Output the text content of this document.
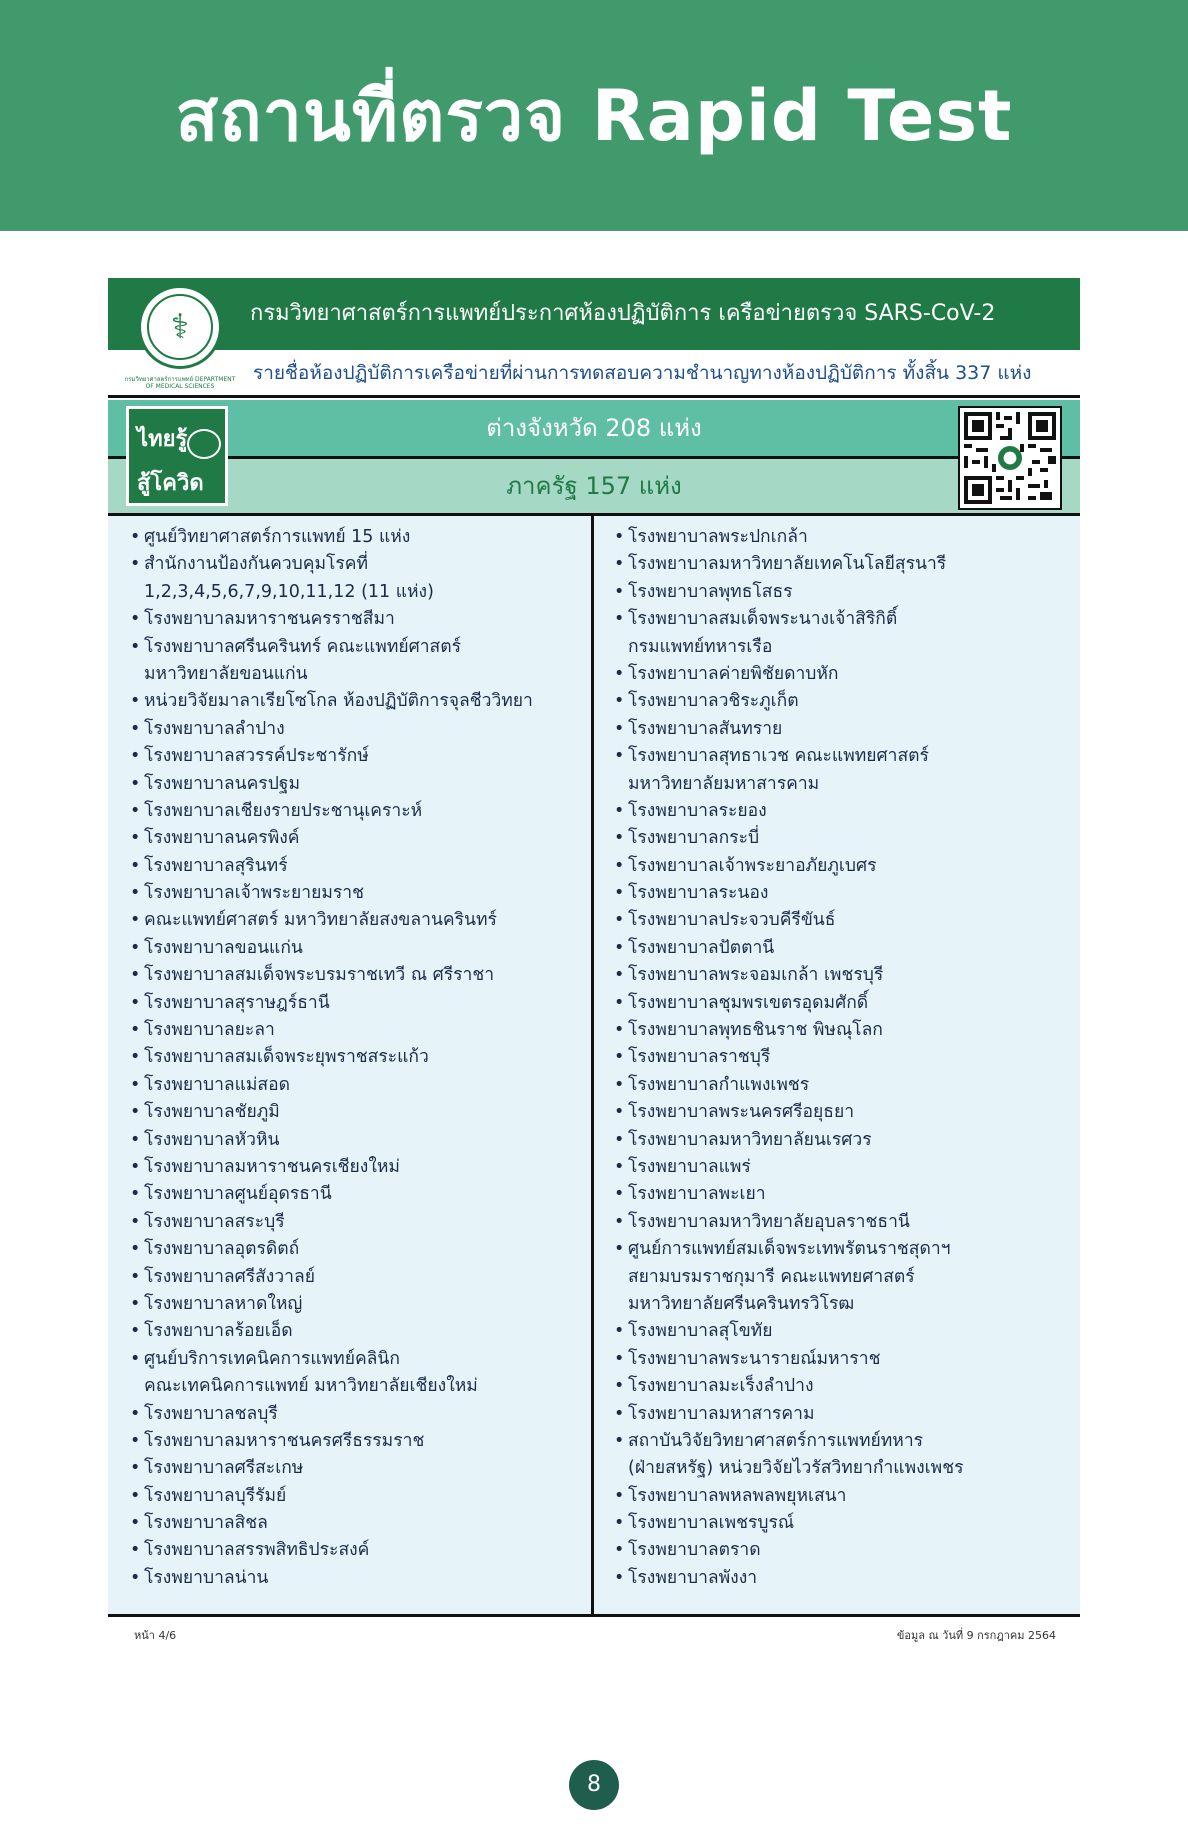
สถานที่ตรวจ Rapid Test
กรมวิทยาศาสตร์การแพทย์ประกาศห้องปฏิบัติการ เครือข่ายตรวจ SARS-CoV-2
⚕
กรมวิทยาศาสตร์การแพทย์ DEPARTMENT OF MEDICAL SCIENCES
รายชื่อห้องปฏิบัติการเครือข่ายที่ผ่านการทดสอบความชำนาญทางห้องปฏิบัติการ ทั้งสิ้น 337 แห่ง
ต่างจังหวัด 208 แห่ง
ภาครัฐ 157 แห่ง
ไทยรู้
สู้โควิด
• ศูนย์วิทยาศาสตร์การแพทย์ 15 แห่ง
• สำนักงานป้องกันควบคุมโรคที่
1,2,3,4,5,6,7,9,10,11,12 (11 แห่ง)
• โรงพยาบาลมหาราชนครราชสีมา
• โรงพยาบาลศรีนครินทร์ คณะแพทย์ศาสตร์
มหาวิทยาลัยขอนแก่น
• หน่วยวิจัยมาลาเรียโซโกล ห้องปฏิบัติการจุลชีววิทยา
• โรงพยาบาลลำปาง
• โรงพยาบาลสวรรค์ประชารักษ์
• โรงพยาบาลนครปฐม
• โรงพยาบาลเชียงรายประชานุเคราะห์
• โรงพยาบาลนครพิงค์
• โรงพยาบาลสุรินทร์
• โรงพยาบาลเจ้าพระยายมราช
• คณะแพทย์ศาสตร์ มหาวิทยาลัยสงขลานครินทร์
• โรงพยาบาลขอนแก่น
• โรงพยาบาลสมเด็จพระบรมราชเทวี ณ ศรีราชา
• โรงพยาบาลสุราษฎร์ธานี
• โรงพยาบาลยะลา
• โรงพยาบาลสมเด็จพระยุพราชสระแก้ว
• โรงพยาบาลแม่สอด
• โรงพยาบาลชัยภูมิ
• โรงพยาบาลหัวหิน
• โรงพยาบาลมหาราชนครเชียงใหม่
• โรงพยาบาลศูนย์อุดรธานี
• โรงพยาบาลสระบุรี
• โรงพยาบาลอุตรดิตถ์
• โรงพยาบาลศรีสังวาลย์
• โรงพยาบาลหาดใหญ่
• โรงพยาบาลร้อยเอ็ด
• ศูนย์บริการเทคนิคการแพทย์คลินิก
คณะเทคนิคการแพทย์ มหาวิทยาลัยเชียงใหม่
• โรงพยาบาลชลบุรี
• โรงพยาบาลมหาราชนครศรีธรรมราช
• โรงพยาบาลศรีสะเกษ
• โรงพยาบาลบุรีรัมย์
• โรงพยาบาลสิชล
• โรงพยาบาลสรรพสิทธิประสงค์
• โรงพยาบาลน่าน
• โรงพยาบาลพระปกเกล้า
• โรงพยาบาลมหาวิทยาลัยเทคโนโลยีสุรนารี
• โรงพยาบาลพุทธโสธร
• โรงพยาบาลสมเด็จพระนางเจ้าสิริกิติ์
กรมแพทย์ทหารเรือ
• โรงพยาบาลค่ายพิชัยดาบหัก
• โรงพยาบาลวชิระภูเก็ต
• โรงพยาบาลสันทราย
• โรงพยาบาลสุทธาเวช คณะแพทยศาสตร์
มหาวิทยาลัยมหาสารคาม
• โรงพยาบาลระยอง
• โรงพยาบาลกระบี่
• โรงพยาบาลเจ้าพระยาอภัยภูเบศร
• โรงพยาบาลระนอง
• โรงพยาบาลประจวบคีรีขันธ์
• โรงพยาบาลปัตตานี
• โรงพยาบาลพระจอมเกล้า เพชรบุรี
• โรงพยาบาลชุมพรเขตรอุดมศักดิ์
• โรงพยาบาลพุทธชินราช พิษณุโลก
• โรงพยาบาลราชบุรี
• โรงพยาบาลกำแพงเพชร
• โรงพยาบาลพระนครศรีอยุธยา
• โรงพยาบาลมหาวิทยาลัยนเรศวร
• โรงพยาบาลแพร่
• โรงพยาบาลพะเยา
• โรงพยาบาลมหาวิทยาลัยอุบลราชธานี
• ศูนย์การแพทย์สมเด็จพระเทพรัตนราชสุดาฯ
สยามบรมราชกุมารี คณะแพทยศาสตร์
มหาวิทยาลัยศรีนครินทรวิโรฒ
• โรงพยาบาลสุโขทัย
• โรงพยาบาลพระนารายณ์มหาราช
• โรงพยาบาลมะเร็งลำปาง
• โรงพยาบาลมหาสารคาม
• สถาบันวิจัยวิทยาศาสตร์การแพทย์ทหาร
(ฝ่ายสหรัฐ) หน่วยวิจัยไวรัสวิทยากำแพงเพชร
• โรงพยาบาลพหลพลพยุหเสนา
• โรงพยาบาลเพชรบูรณ์
• โรงพยาบาลตราด
• โรงพยาบาลพังงา
หน้า 4/6	ข้อมูล ณ วันที่ 9 กรกฎาคม 2564
8
